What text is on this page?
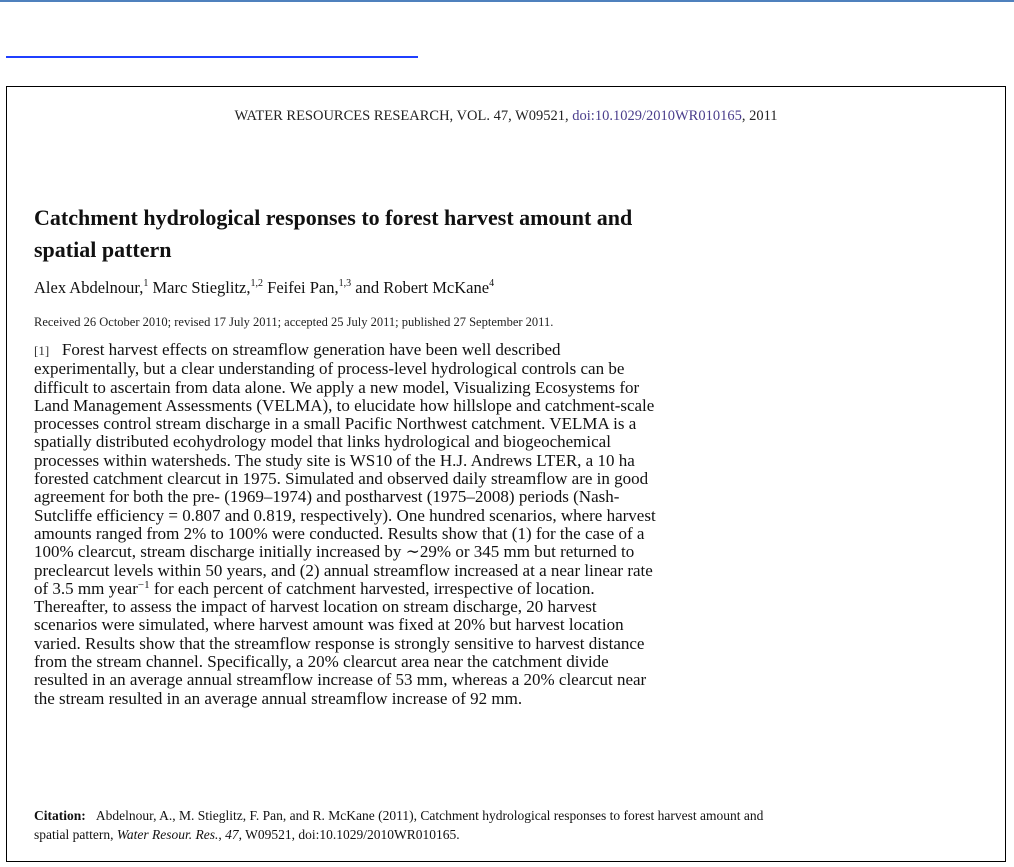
WATER RESOURCES RESEARCH, VOL. 47, W09521, doi:10.1029/2010WR010165, 2011
Catchment hydrological responses to forest harvest amount and
spatial pattern
Alex Abdelnour,$^1$ Marc Stieglitz,$^{1,2}$ Feifei Pan,$^{1,3}$ and Robert McKane$^4$
Received 26 October 2010; revised 17 July 2011; accepted 25 July 2011; published 27 September 2011.
[1] Forest harvest effects on streamflow generation have been well described
experimentally, but a clear understanding of process-level hydrological controls can be
difficult to ascertain from data alone. We apply a new model, Visualizing Ecosystems for
Land Management Assessments (VELMA), to elucidate how hillslope and catchment-scale
processes control stream discharge in a small Pacific Northwest catchment. VELMA is a
spatially distributed ecohydrology model that links hydrological and biogeochemical
processes within watersheds. The study site is WS10 of the H.J. Andrews LTER, a 10 ha
forested catchment clearcut in 1975. Simulated and observed daily streamflow are in good
agreement for both the pre- (1969–1974) and postharvest (1975–2008) periods (Nash-
Sutcliffe efficiency = 0.807 and 0.819, respectively). One hundred scenarios, where harvest
amounts ranged from 2% to 100% were conducted. Results show that (1) for the case of a
100% clearcut, stream discharge initially increased by ∼29% or 345 mm but returned to
preclearcut levels within 50 years, and (2) annual streamflow increased at a near linear rate
of 3.5 mm year$^{-1}$ for each percent of catchment harvested, irrespective of location.
Thereafter, to assess the impact of harvest location on stream discharge, 20 harvest
scenarios were simulated, where harvest amount was fixed at 20% but harvest location
varied. Results show that the streamflow response is strongly sensitive to harvest distance
from the stream channel. Specifically, a 20% clearcut area near the catchment divide
resulted in an average annual streamflow increase of 53 mm, whereas a 20% clearcut near
the stream resulted in an average annual streamflow increase of 92 mm.
Citation: Abdelnour, A., M. Stieglitz, F. Pan, and R. McKane (2011), Catchment hydrological responses to forest harvest amount and
spatial pattern, Water Resour. Res., 47, W09521, doi:10.1029/2010WR010165.
